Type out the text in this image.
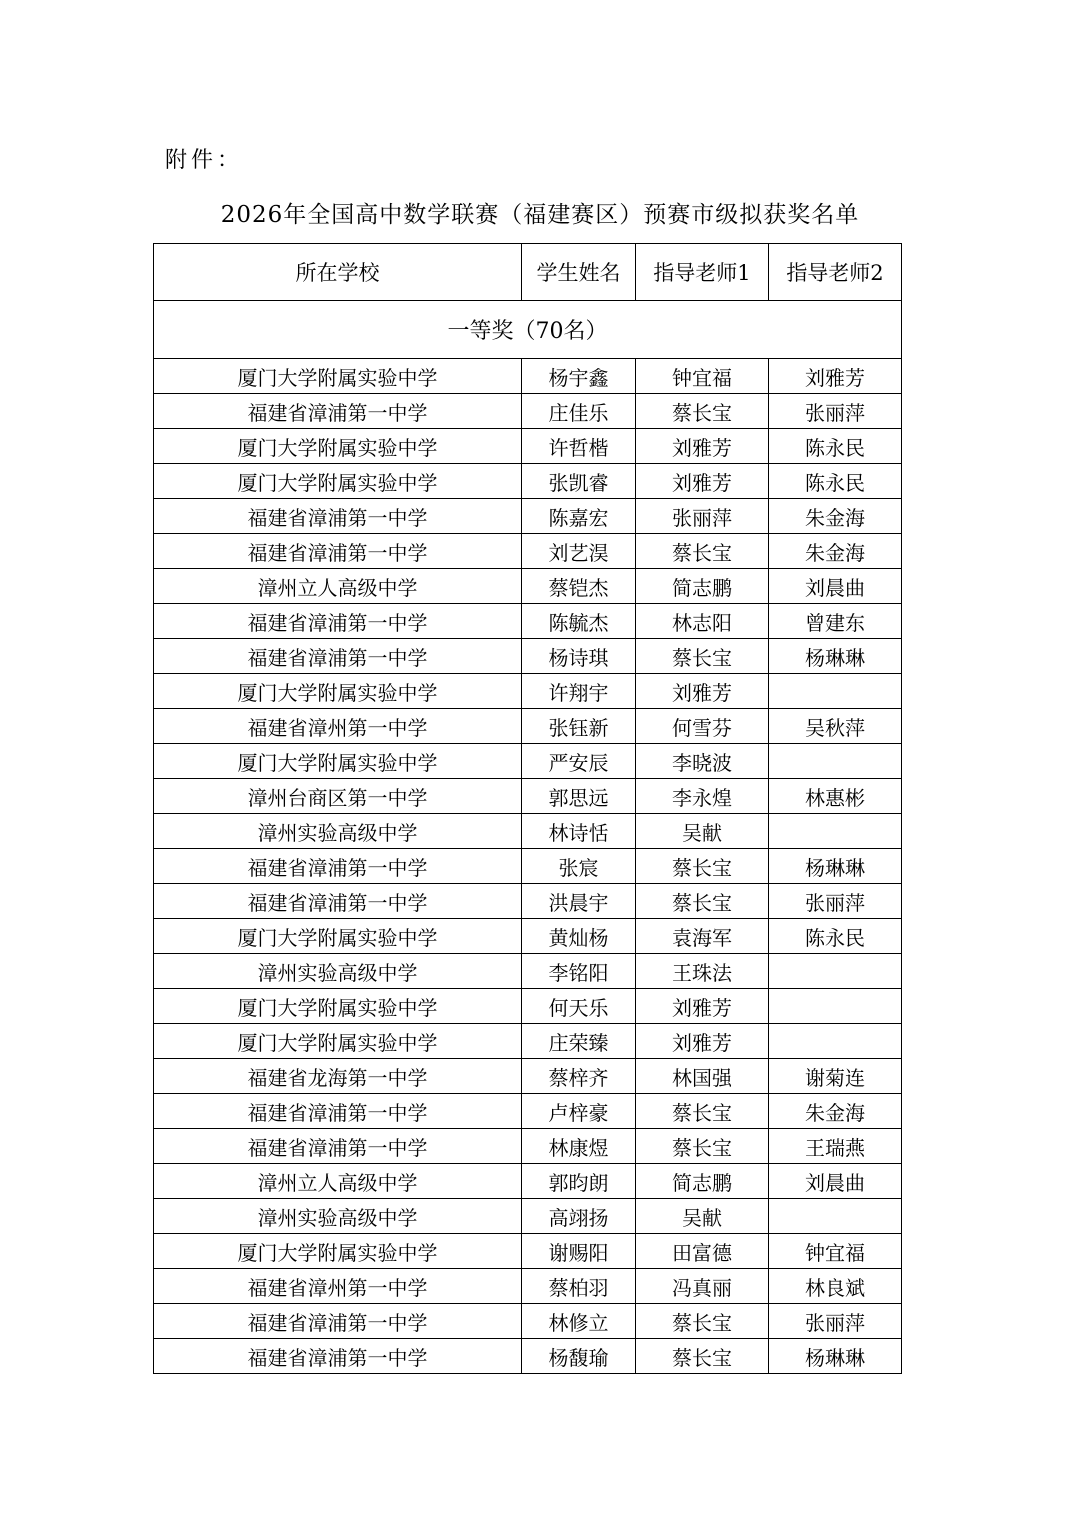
附件：
2026年全国高中数学联赛（福建赛区）预赛市级拟获奖名单
所在学校	学生姓名	指导老师1	指导老师2
一等奖（70名）			
厦门大学附属实验中学	杨宇鑫	钟宜福	刘雅芳
福建省漳浦第一中学	庄佳乐	蔡长宝	张丽萍
厦门大学附属实验中学	许哲楷	刘雅芳	陈永民
厦门大学附属实验中学	张凯睿	刘雅芳	陈永民
福建省漳浦第一中学	陈嘉宏	张丽萍	朱金海
福建省漳浦第一中学	刘艺淏	蔡长宝	朱金海
漳州立人高级中学	蔡铠杰	简志鹏	刘晨曲
福建省漳浦第一中学	陈毓杰	林志阳	曾建东
福建省漳浦第一中学	杨诗琪	蔡长宝	杨琳琳
厦门大学附属实验中学	许翔宇	刘雅芳	
福建省漳州第一中学	张钰新	何雪芬	吴秋萍
厦门大学附属实验中学	严安辰	李晓波	
漳州台商区第一中学	郭思远	李永煌	林惠彬
漳州实验高级中学	林诗恬	吴献	
福建省漳浦第一中学	张宸	蔡长宝	杨琳琳
福建省漳浦第一中学	洪晨宇	蔡长宝	张丽萍
厦门大学附属实验中学	黄灿杨	袁海军	陈永民
漳州实验高级中学	李铭阳	王珠法	
厦门大学附属实验中学	何天乐	刘雅芳	
厦门大学附属实验中学	庄荣臻	刘雅芳	
福建省龙海第一中学	蔡梓齐	林国强	谢菊连
福建省漳浦第一中学	卢梓豪	蔡长宝	朱金海
福建省漳浦第一中学	林康煜	蔡长宝	王瑞燕
漳州立人高级中学	郭昀朗	简志鹏	刘晨曲
漳州实验高级中学	高翊扬	吴献	
厦门大学附属实验中学	谢赐阳	田富德	钟宜福
福建省漳州第一中学	蔡柏羽	冯真丽	林良斌
福建省漳浦第一中学	林修立	蔡长宝	张丽萍
福建省漳浦第一中学	杨馥瑜	蔡长宝	杨琳琳
